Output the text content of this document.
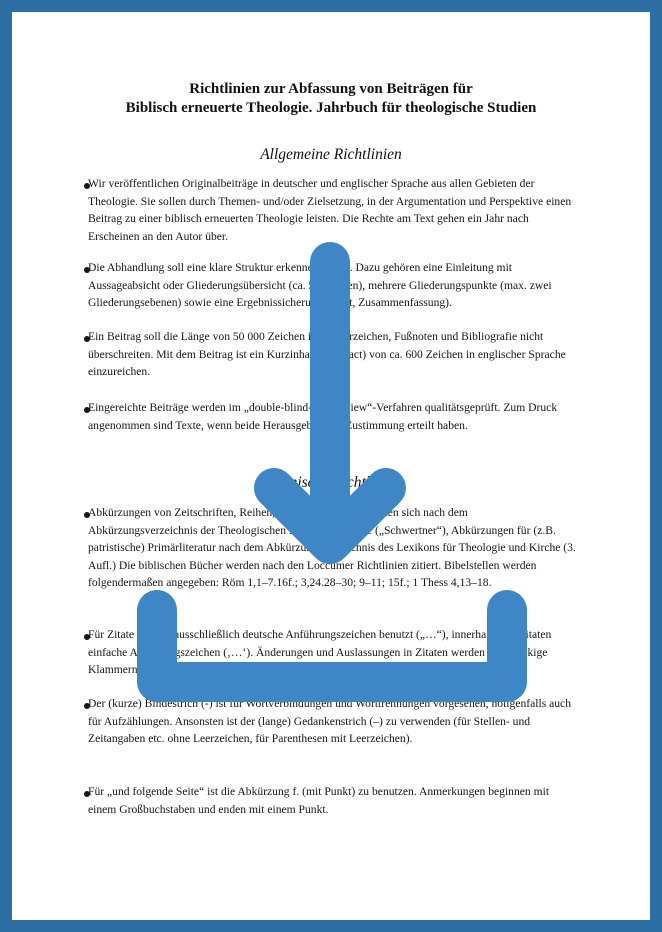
Richtlinien zur Abfassung von Beiträgen für
Biblisch erneuerte Theologie. Jahrbuch für theologische Studien
Allgemeine Richtlinien
Technische Richtlinien
Wir veröffentlichen Originalbeiträge in deutscher und englischer Sprache aus allen Gebieten der Theologie. Sie sollen durch Themen- und/oder Zielsetzung, in der Argumentation und Perspektive einen Beitrag zu einer biblisch erneuerten Theologie leisten. Die Rechte am Text gehen ein Jahr nach Erscheinen an den Autor über.
Die Abhandlung soll eine klare Struktur erkennen lassen. Dazu gehören eine Einleitung mit Aussageabsicht oder Gliederungsübersicht (ca. 5–7 Zeilen), mehrere Gliederungspunkte (max. zwei Gliederungsebenen) sowie eine Ergebnissicherung (Fazit, Zusammenfassung).
Ein Beitrag soll die Länge von 50 000 Zeichen inkl. Leerzeichen, Fußnoten und Bibliografie nicht überschreiten. Mit dem Beitrag ist ein Kurzinhalt (Abstract) von ca. 600 Zeichen in englischer Sprache einzureichen.
Eingereichte Beiträge werden im „double-blind-peer-review“-Verfahren qualitätsgeprüft. Zum Druck angenommen sind Texte, wenn beide Herausgeber ihre Zustimmung erteilt haben.
Abkürzungen von Zeitschriften, Reihen, Kommentaren etc. richten sich nach dem Abkürzungsverzeichnis der Theologischen Realenzyklopädie („Schwertner“), Abkürzungen für (z.B. patristische) Primärliteratur nach dem Abkürzungsverzeichnis des Lexikons für Theologie und Kirche (3. Aufl.) Die biblischen Bücher werden nach den Loccumer Richtlinien zitiert. Bibelstellen werden folgendermaßen angegeben: Röm 1,1–7.16f.; 3,24.28–30; 9–11; 15f.; 1 Thess 4,13–18.
Für Zitate werden ausschließlich deutsche Anführungszeichen benutzt („…“), innerhalb von Zitaten einfache Anführungszeichen (‚…‘). Änderungen und Auslassungen in Zitaten werden durch eckige Klammern gekennzeichnet.
Der (kurze) Bindestrich (-) ist für Wortverbindungen und Worttrennungen vorgesehen, nötigenfalls auch für Aufzählungen. Ansonsten ist der (lange) Gedankenstrich (–) zu verwenden (für Stellen- und Zeitangaben etc. ohne Leerzeichen, für Parenthesen mit Leerzeichen).
Für „und folgende Seite“ ist die Abkürzung f. (mit Punkt) zu benutzen. Anmerkungen beginnen mit einem Großbuchstaben und enden mit einem Punkt.
